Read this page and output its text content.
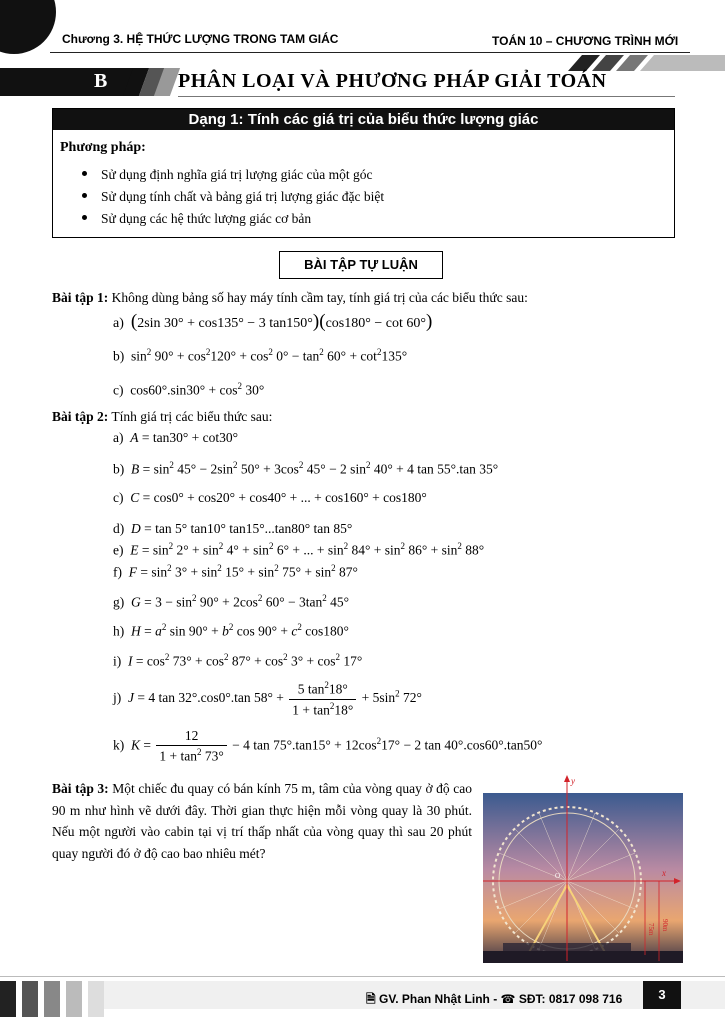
Chương 3. HỆ THỨC LƯỢNG TRONG TAM GIÁC	TOÁN 10 – CHƯƠNG TRÌNH MỚI
B	PHÂN LOẠI VÀ PHƯƠNG PHÁP GIẢI TOÁN
Dạng 1: Tính các giá trị của biểu thức lượng giác
Phương pháp:
Sử dụng định nghĩa giá trị lượng giác của một góc
Sử dụng tính chất và bảng giá trị lượng giác đặc biệt
Sử dụng các hệ thức lượng giác cơ bản
BÀI TẬP TỰ LUẬN
Bài tập 1: Không dùng bảng số hay máy tính cầm tay, tính giá trị của các biểu thức sau:
a)  (2sin 30° + cos135° − 3 tan150°)(cos180° − cot 60°)
b)  $\sin^2 90^\circ + \cos^2120^\circ + \cos^2 0^\circ - \tan^2 60^\circ + \cot^2135^\circ$
c)  $\cos 60^\circ.\sin 30^\circ + \cos^2 30^\circ$
Bài tập 2: Tính giá trị các biểu thức sau:
a)  A = tan30° + cot30°
b)  $B = \sin^2 45^\circ - 2\sin^2$ $50^\circ + 3\cos^2$ 45° − 2 $\sin^2 40^\circ + 4$ tan 55°.tan 35°
c)  C = cos0° + cos20° + cos40° + ... + cos160° + cos180°
d)  D = tan 5° tan10° tan15°...tan80° tan 85°
e)  $E = \sin^2 2^\circ + \sin^2 4^\circ + \sin^2 6^\circ$ + ... + $\sin^2 84^\circ + \sin^2 86^\circ + \sin^2 88^\circ$
f)  $F = \sin^2 3^\circ + \sin^2 15^\circ + \sin^2 75^\circ + \sin^2 87^\circ$
g)  $G = 3 - \sin^2 90^\circ + 2\cos^2$ $60^\circ - 3\tan^2$ 45°
h)  $H = a^2$ $\sin 90^\circ + b^2$ $\cos 90^\circ + c^2$ cos180°
i)  $I = \cos^2 73^\circ + \cos^2 87^\circ + \cos^2 3^\circ + \cos^2 17^\circ$
j)  J = 4 tan 32°.cos0°.tan $58^\circ + \frac{5 \tan^218^\circ}{1 + \tan^218^\circ} + 5\sin^2$ 72°
k)  $K = \frac{12}{1 + \tan^2 73^\circ} - 4$ $\tan 75^\circ.\tan 15^\circ + 12\cos^217^\circ - 2$ tan 40°.cos60°.tan50°
Bài tập 3: Một chiếc đu quay có bán kính 75 m, tâm của vòng quay ở độ cao 90 m như hình vẽ dưới đây. Thời gian thực hiện mỗi vòng quay là 30 phút. Nếu một người vào cabin tại vị trí thấp nhất của vòng quay thì sau 20 phút quay người đó ở độ cao bao nhiêu mét?
y
x
O
75m 90m
🗎 GV. Phan Nhật Linh - ☎ SĐT: 0817 098 716	3
